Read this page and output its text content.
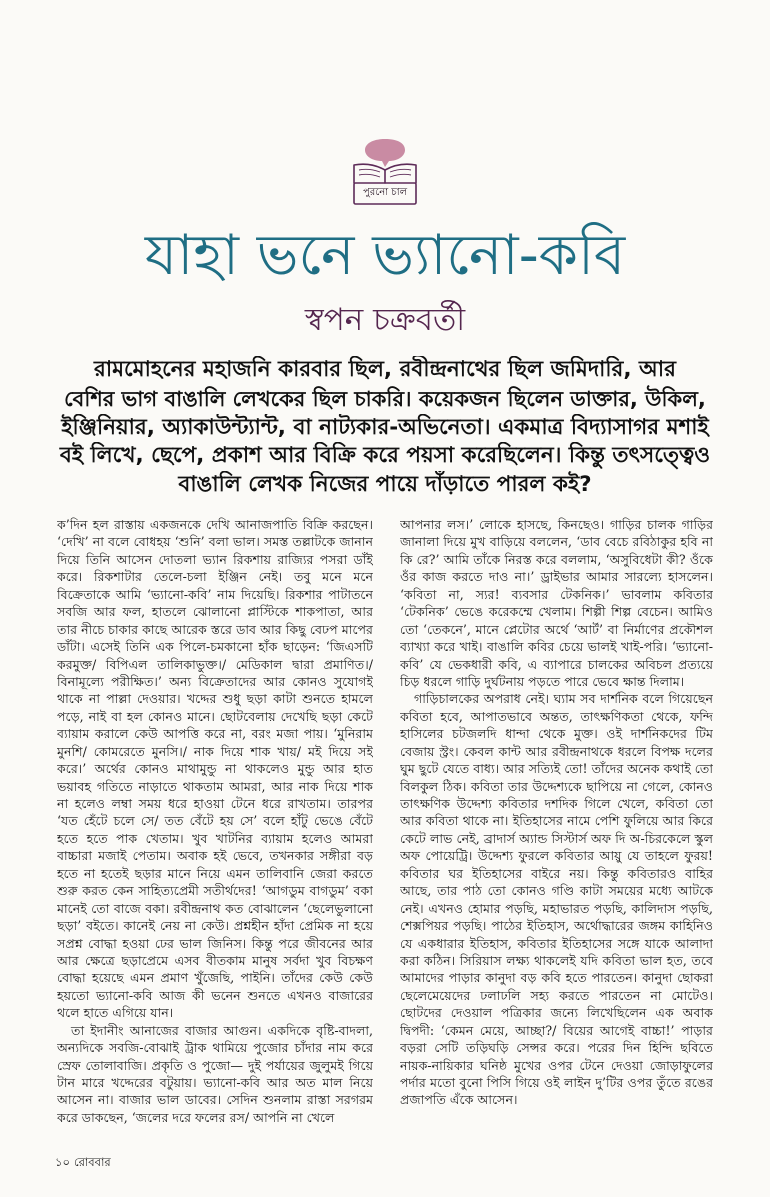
পুরনো চাল
যাহা ভনে ভ্যানো-কবি
স্বপন চক্রবর্তী
রামমোহনের মহাজনি কারবার ছিল, রবীন্দ্রনাথের ছিল জমিদারি, আর
বেশির ভাগ বাঙালি লেখকের ছিল চাকরি। কয়েকজন ছিলেন ডাক্তার, উকিল,
ইঞ্জিনিয়ার, অ্যাকাউন্ট্যান্ট, বা নাট্যকার-অভিনেতা। একমাত্র বিদ্যাসাগর মশাই
বই লিখে, ছেপে, প্রকাশ আর বিক্রি করে পয়সা করেছিলেন। কিন্তু তৎসত্ত্বেও
বাঙালি লেখক নিজের পায়ে দাঁড়াতে পারল কই?

ক’দিন হল রাস্তায় একজনকে দেখি আনাজপাতি বিক্রি করছেন। ‘দেখি’ না বলে বোধহয় ‘শুনি’ বলা ভাল। সমস্ত তল্লাটকে জানান দিয়ে তিনি আসেন দোতলা ভ্যান রিকশায় রাজ্যির পসরা ডাঁই করে। রিকশাটার তেলে-চলা ইঞ্জিন নেই। তবু মনে মনে বিক্রেতাকে আমি ‘ভ্যানো-কবি’ নাম দিয়েছি। রিকশার পাটাতনে সবজি আর ফল, হাতলে ঝোলানো প্লাস্টিকে শাকপাতা, আর তার নীচে চাকার কাছে আরেক স্তরে ডাব আর কিছু বেঢপ মাপের ডাঁটা। এসেই তিনি এক পিলে-চমকানো হাঁক ছাড়েন: ‘জিএসটি করমুক্ত/ বিপিএল তালিকাভুক্ত।/ মেডিকাল দ্বারা প্রমাণিত।/ বিনামূল্যে পরীক্ষিত।’ অন্য বিক্রেতাদের আর কোনও সুযোগই থাকে না পাল্লা দেওয়ার। খদ্দের শুধু ছড়া কাটা শুনতে হামলে পড়ে, নাই বা হল কোনও মানে। ছোটবেলায় দেখেছি ছড়া কেটে ব্যায়াম করালে কেউ আপত্তি করে না, বরং মজা পায়। ‘মুনিরাম মুনশি/ কোমরেতে মুনসি।/ নাক দিয়ে শাক খায়/ মই দিয়ে সই করে।’ অর্থের কোনও মাথামুন্ডু না থাকলেও মুন্ডু আর হাত ভয়াবহ গতিতে নাড়াতে থাকতাম আমরা, আর নাক দিয়ে শাক না হলেও লম্বা সময় ধরে হাওয়া টেনে ধরে রাখতাম। তারপর ‘যত হেঁটে চলে সে/ তত বেঁটে হয় সে’ বলে হাঁটু ভেঙে বেঁটে হতে হতে পাক খেতাম। খুব খাটনির ব্যায়াম হলেও আমরা বাচ্চারা মজাই পেতাম। অবাক হই ভেবে, তখনকার সঙ্গীরা বড় হতে না হতেই ছড়ার মানে নিয়ে এমন তালিবানি জেরা করতে শুরু করত কেন সাহিত্যপ্রেমী সতীর্থদের! ‘আগডুম বাগডুম’ বকা মানেই তো বাজে বকা। রবীন্দ্রনাথ কত বোঝালেন ‘ছেলেভুলানো ছড়া’ বইতে। কানেই নেয় না কেউ। প্রশ্নহীন হাঁদা প্রেমিক না হয়ে সপ্রশ্ন বোদ্ধা হওয়া ঢের ভাল জিনিস। কিন্তু পরে জীবনের আর আর ক্ষেত্রে ছড়াপ্রেমে এসব বীতকাম মানুষ সর্বদা খুব বিচক্ষণ বোদ্ধা হয়েছে এমন প্রমাণ খুঁজেছি, পাইনি। তাঁদের কেউ কেউ হয়তো ভ্যানো-কবি আজ কী ভনেন শুনতে এখনও বাজারের থলে হাতে এগিয়ে যান।

তা ইদানীং আনাজের বাজার আগুন। একদিকে বৃষ্টি-বাদলা, অন্যদিকে সবজি-বোঝাই ট্রাক থামিয়ে পুজোর চাঁদার নাম করে স্রেফ তোলাবাজি। প্রকৃতি ও পুজো— দুই পর্যায়ের জুলুমই গিয়ে টান মারে খদ্দেরের বটুয়ায়। ভ্যানো-কবি আর অত মাল নিয়ে আসেন না। বাজার ভাল ডাবের। সেদিন শুনলাম রাস্তা সরগরম করে ডাকছেন, ‘জলের দরে ফলের রস/ আপনি না খেলে

আপনার লস।’ লোকে হাসছে, কিনছেও। গাড়ির চালক গাড়ির জানালা দিয়ে মুখ বাড়িয়ে বললেন, ‘ডাব বেচে রবিঠাকুর হবি না কি রে?’ আমি তাঁকে নিরস্ত করে বললাম, ‘অসুবিধেটা কী? ওঁকে ওঁর কাজ করতে দাও না।’ ড্রাইভার আমার সারল্যে হাসলেন। ‘কবিতা না, স্যর! ব্যবসার টেকনিক।’ ভাবলাম কবিতার ‘টেকনিক’ ভেঙে করেকম্মে খেলাম। শিল্পী শিল্প বেচেন। আমিও তো ‘তেকনে’, মানে প্লেটোর অর্থে ‘আর্ট’ বা নির্মাণের প্রকৌশল ব্যাখ্যা করে খাই। বাঙালি কবির চেয়ে ভালই খাই-পরি। ‘ভ্যানো-কবি’ যে ভেকধারী কবি, এ ব্যাপারে চালকের অবিচল প্রত্যয়ে চিড় ধরলে গাড়ি দুর্ঘটনায় পড়তে পারে ভেবে ক্ষান্ত দিলাম।

গাড়িচালকের অপরাধ নেই। ঘ্যাম সব দার্শনিক বলে গিয়েছেন কবিতা হবে, আপাতভাবে অন্তত, তাৎক্ষণিকতা থেকে, ফন্দি হাসিলের চটজলদি ধান্দা থেকে মুক্ত। ওই দার্শনিকদের টিম বেজায় স্ট্রং। কেবল কান্ট আর রবীন্দ্রনাথকে ধরলে বিপক্ষ দলের ঘুম ছুটে যেতে বাধ্য। আর সত্যিই তো! তাঁদের অনেক কথাই তো বিলকুল ঠিক। কবিতা তার উদ্দেশ্যকে ছাপিয়ে না গেলে, কোনও তাৎক্ষণিক উদ্দেশ্য কবিতার দশদিক গিলে খেলে, কবিতা তো আর কবিতা থাকে না। ইতিহাসের নামে পেশি ফুলিয়ে আর কিরে কেটে লাভ নেই, ব্রাদার্স অ্যান্ড সিস্টার্স অফ দি অ-চিরকেলে স্কুল অফ পোয়েট্রি। উদ্দেশ্য ফুরলে কবিতার আয়ু যে তাহলে ফুরয়! কবিতার ঘর ইতিহাসের বাইরে নয়। কিন্তু কবিতারও বাহির আছে, তার পাঠ তো কোনও গণ্ডি কাটা সময়ের মধ্যে আটকে নেই। এখনও হোমার পড়ছি, মহাভারত পড়ছি, কালিদাস পড়ছি, শেক্সপিয়র পড়ছি। পাঠের ইতিহাস, অর্থোদ্ধারের জঙ্গম কাহিনিও যে একধারার ইতিহাস, কবিতার ইতিহাসের সঙ্গে যাকে আলাদা করা কঠিন। সিরিয়াস লক্ষ্য থাকলেই যদি কবিতা ভাল হত, তবে আমাদের পাড়ার কানুদা বড় কবি হতে পারতেন। কানুদা ছোকরা ছেলেমেয়েদের ঢলাঢলি সহ্য করতে পারতেন না মোটেও। ছোটদের দেওয়াল পত্রিকার জন্যে লিখেছিলেন এক অবাক দ্বিপদী: ‘কেমন মেয়ে, আচ্ছা?/ বিয়ের আগেই বাচ্চা!’ পাড়ার বড়রা সেটি তড়িঘড়ি সেন্সর করে। পরের দিন হিন্দি ছবিতে নায়ক-নায়িকার ঘনিষ্ঠ মুখের ওপর টেনে দেওয়া জোড়াফুলের পর্দার মতো বুনো পিসি গিয়ে ওই লাইন দু’টির ওপর তুঁতে রঙের প্রজাপতি এঁকে আসেন।

১০ রোববার
